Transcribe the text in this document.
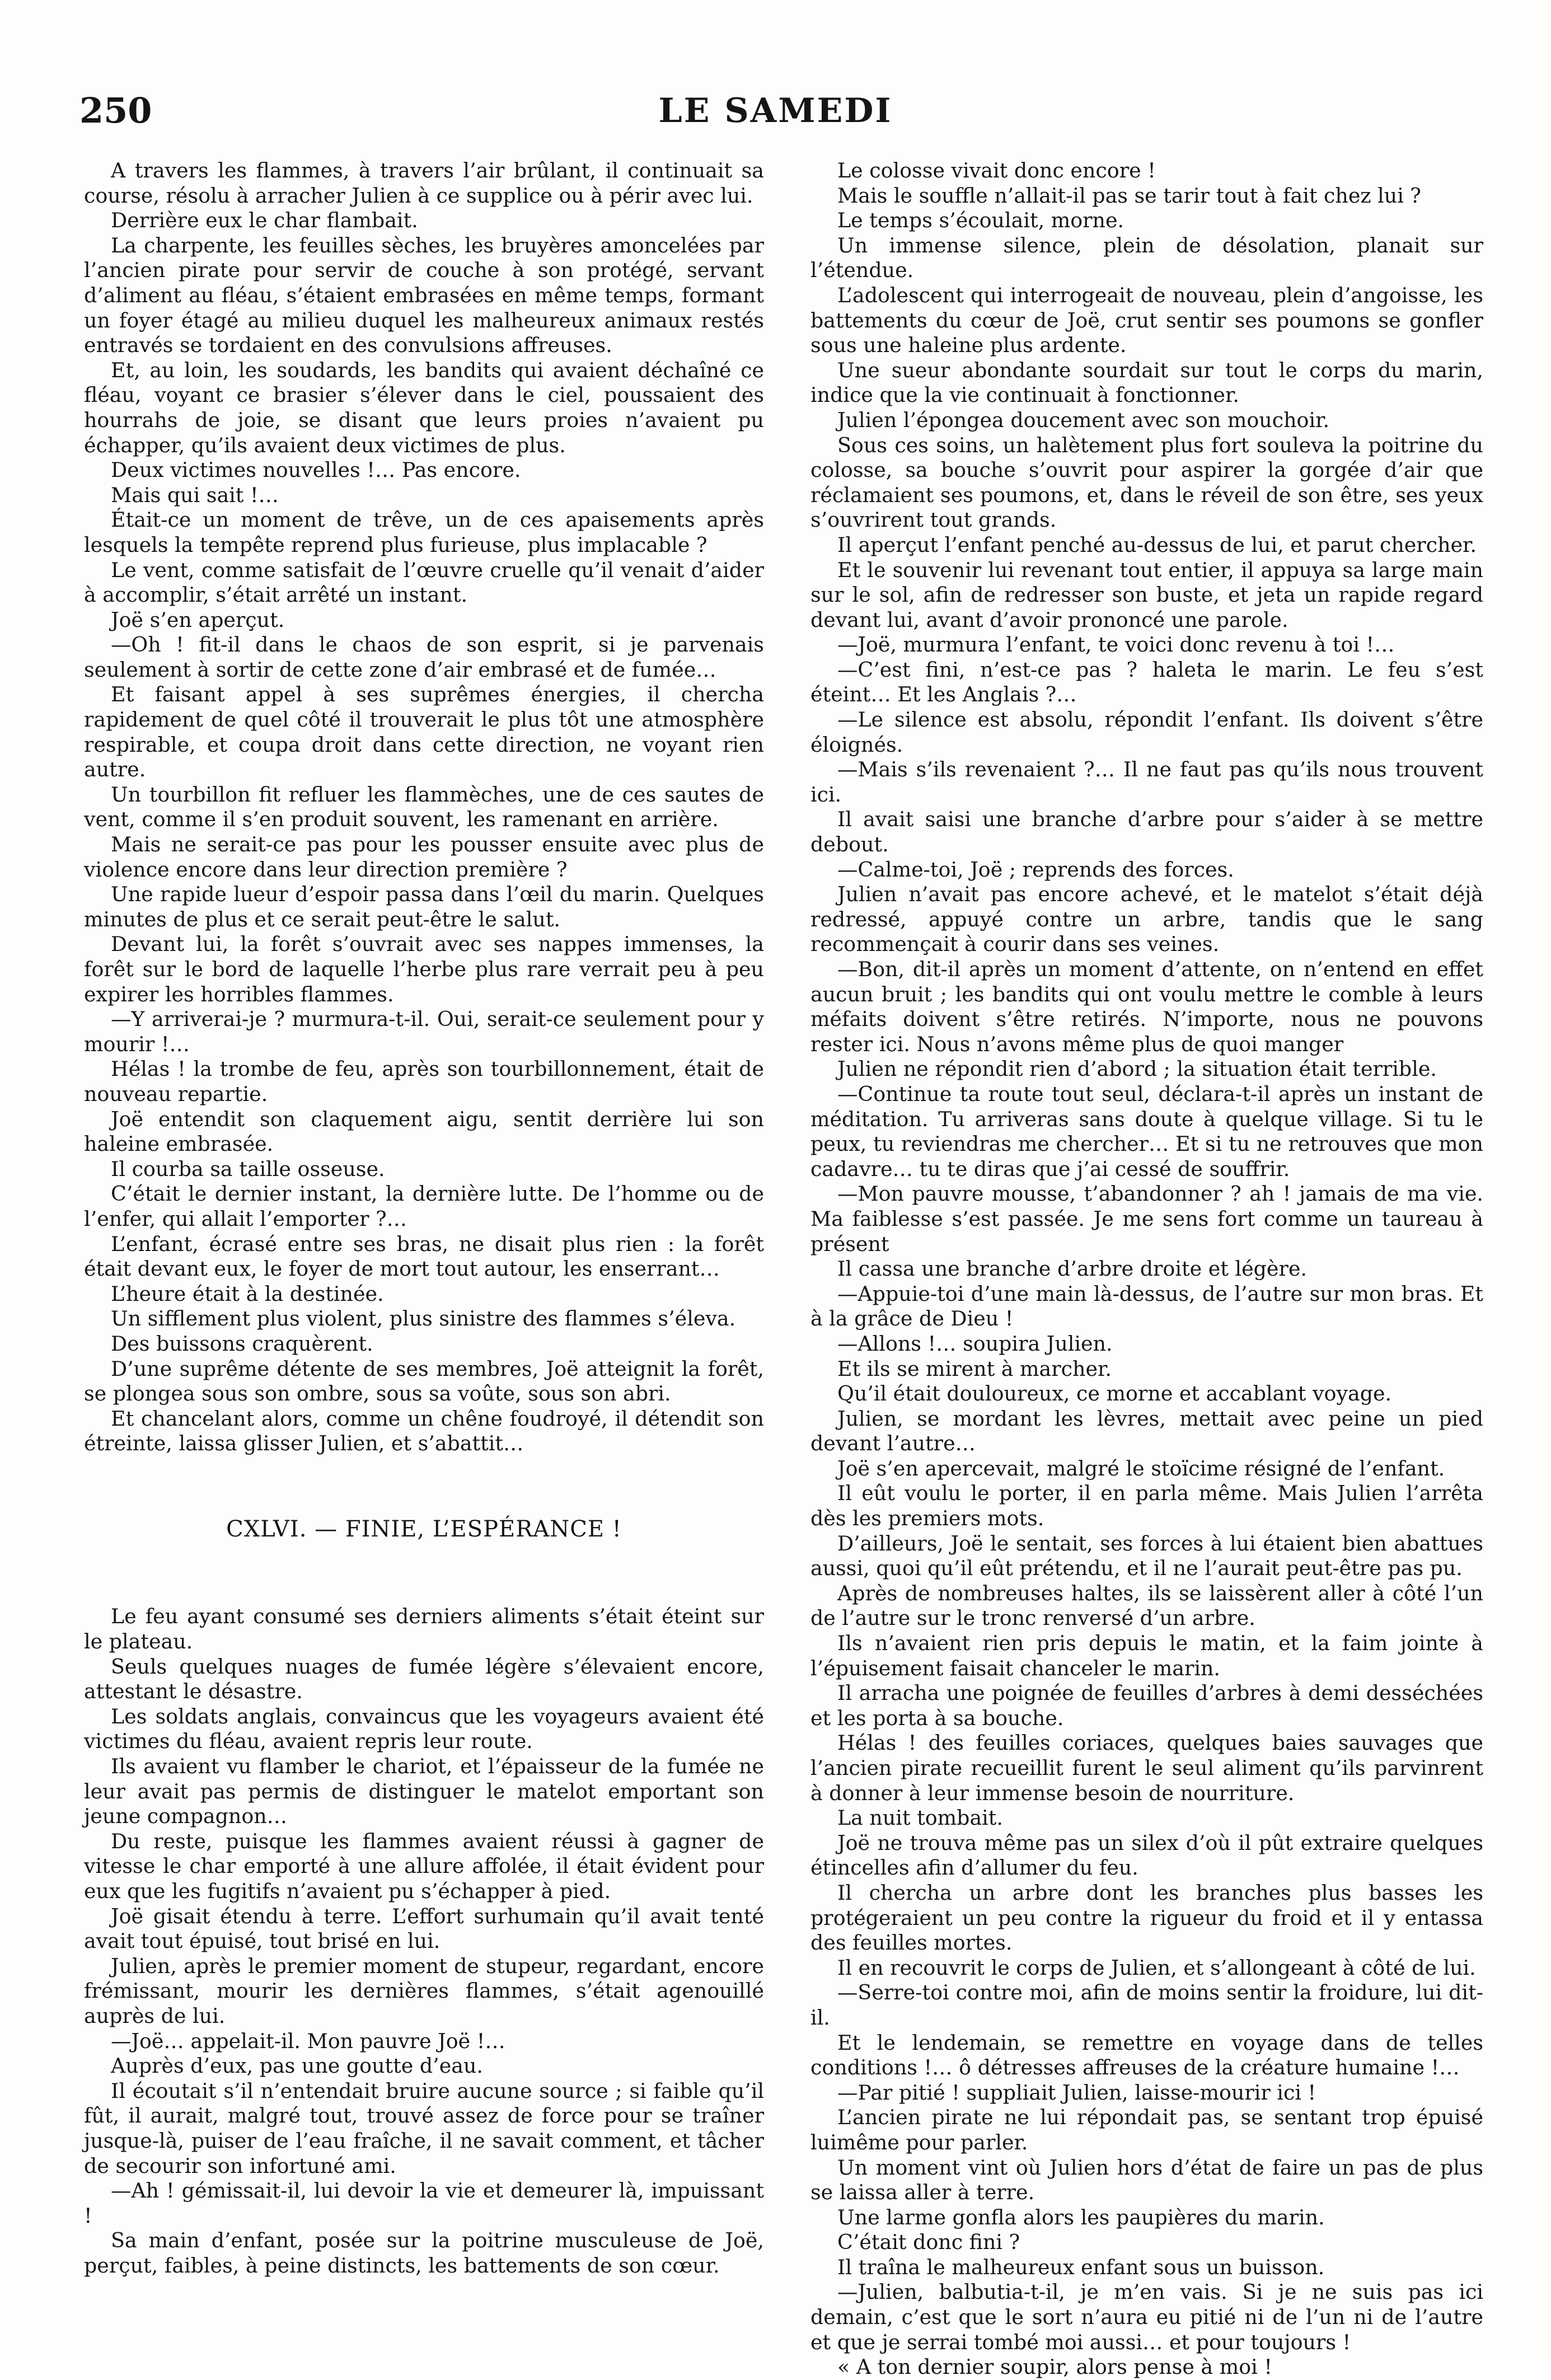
250	LE SAMEDI

A travers les flammes, à travers l’air brûlant, il continuait sa course, résolu à arracher Julien à ce supplice ou à périr avec lui.

Derrière eux le char flambait.

La charpente, les feuilles sèches, les bruyères amoncelées par l’ancien pirate pour servir de couche à son protégé, servant d’aliment au fléau, s’étaient embrasées en même temps, formant un foyer étagé au milieu duquel les malheureux animaux restés entravés se tordaient en des convulsions affreuses.

Et, au loin, les soudards, les bandits qui avaient déchaîné ce fléau, voyant ce brasier s’élever dans le ciel, poussaient des hourrahs de joie, se disant que leurs proies n’avaient pu échapper, qu’ils avaient deux victimes de plus.

Deux victimes nouvelles !… Pas encore.

Mais qui sait !…

Était-ce un moment de trêve, un de ces apaisements après lesquels la tempête reprend plus furieuse, plus implacable ?

Le vent, comme satisfait de l’œuvre cruelle qu’il venait d’aider à accomplir, s’était arrêté un instant.

Joë s’en aperçut.

—Oh ! fit-il dans le chaos de son esprit, si je parvenais seulement à sortir de cette zone d’air embrasé et de fumée…

Et faisant appel à ses suprêmes énergies, il chercha rapidement de quel côté il trouverait le plus tôt une atmosphère respirable, et coupa droit dans cette direction, ne voyant rien autre.

Un tourbillon fit refluer les flammèches, une de ces sautes de vent, comme il s’en produit souvent, les ramenant en arrière.

Mais ne serait-ce pas pour les pousser ensuite avec plus de violence encore dans leur direction première ?

Une rapide lueur d’espoir passa dans l’œil du marin. Quelques minutes de plus et ce serait peut-être le salut.

Devant lui, la forêt s’ouvrait avec ses nappes immenses, la forêt sur le bord de laquelle l’herbe plus rare verrait peu à peu expirer les horribles flammes.

—Y arriverai-je ? murmura-t-il. Oui, serait-ce seulement pour y mourir !…

Hélas ! la trombe de feu, après son tourbillonnement, était de nouveau repartie.

Joë entendit son claquement aigu, sentit derrière lui son haleine embrasée.

Il courba sa taille osseuse.

C’était le dernier instant, la dernière lutte. De l’homme ou de l’enfer, qui allait l’emporter ?…

L’enfant, écrasé entre ses bras, ne disait plus rien : la forêt était devant eux, le foyer de mort tout autour, les enserrant…

L’heure était à la destinée.

Un sifflement plus violent, plus sinistre des flammes s’éleva.

Des buissons craquèrent.

D’une suprême détente de ses membres, Joë atteignit la forêt, se plongea sous son ombre, sous sa voûte, sous son abri.

Et chancelant alors, comme un chêne foudroyé, il détendit son étreinte, laissa glisser Julien, et s’abattit…

CXLVI. — FINIE, L’ESPÉRANCE !

Le feu ayant consumé ses derniers aliments s’était éteint sur le plateau.

Seuls quelques nuages de fumée légère s’élevaient encore, attestant le désastre.

Les soldats anglais, convaincus que les voyageurs avaient été victimes du fléau, avaient repris leur route.

Ils avaient vu flamber le chariot, et l’épaisseur de la fumée ne leur avait pas permis de distinguer le matelot emportant son jeune compagnon…

Du reste, puisque les flammes avaient réussi à gagner de vitesse le char emporté à une allure affolée, il était évident pour eux que les fugitifs n’avaient pu s’échapper à pied.

Joë gisait étendu à terre. L’effort surhumain qu’il avait tenté avait tout épuisé, tout brisé en lui.

Julien, après le premier moment de stupeur, regardant, encore frémissant, mourir les dernières flammes, s’était agenouillé auprès de lui.

—Joë… appelait-il. Mon pauvre Joë !…

Auprès d’eux, pas une goutte d’eau.

Il écoutait s’il n’entendait bruire aucune source ; si faible qu’il fût, il aurait, malgré tout, trouvé assez de force pour se traîner jusque-là, puiser de l’eau fraîche, il ne savait comment, et tâcher de secourir son infortuné ami.

—Ah ! gémissait-il, lui devoir la vie et demeurer là, impuissant !

Sa main d’enfant, posée sur la poitrine musculeuse de Joë, perçut, faibles, à peine distincts, les battements de son cœur.

Le colosse vivait donc encore !

Mais le souffle n’allait-il pas se tarir tout à fait chez lui ?

Le temps s’écoulait, morne.

Un immense silence, plein de désolation, planait sur l’étendue.

L’adolescent qui interrogeait de nouveau, plein d’angoisse, les battements du cœur de Joë, crut sentir ses poumons se gonfler sous une haleine plus ardente.

Une sueur abondante sourdait sur tout le corps du marin, indice que la vie continuait à fonctionner.

Julien l’épongea doucement avec son mouchoir.

Sous ces soins, un halètement plus fort souleva la poitrine du colosse, sa bouche s’ouvrit pour aspirer la gorgée d’air que réclamaient ses poumons, et, dans le réveil de son être, ses yeux s’ouvrirent tout grands.

Il aperçut l’enfant penché au-dessus de lui, et parut chercher.

Et le souvenir lui revenant tout entier, il appuya sa large main sur le sol, afin de redresser son buste, et jeta un rapide regard devant lui, avant d’avoir prononcé une parole.

—Joë, murmura l’enfant, te voici donc revenu à toi !…

—C’est fini, n’est-ce pas ? haleta le marin. Le feu s’est éteint… Et les Anglais ?…

—Le silence est absolu, répondit l’enfant. Ils doivent s’être éloignés.

—Mais s’ils revenaient ?… Il ne faut pas qu’ils nous trouvent ici.

Il avait saisi une branche d’arbre pour s’aider à se mettre debout.

—Calme-toi, Joë ; reprends des forces.

Julien n’avait pas encore achevé, et le matelot s’était déjà redressé, appuyé contre un arbre, tandis que le sang recommençait à courir dans ses veines.

—Bon, dit-il après un moment d’attente, on n’entend en effet aucun bruit ; les bandits qui ont voulu mettre le comble à leurs méfaits doivent s’être retirés. N’importe, nous ne pouvons rester ici. Nous n’avons même plus de quoi manger

Julien ne répondit rien d’abord ; la situation était terrible.

—Continue ta route tout seul, déclara-t-il après un instant de méditation. Tu arriveras sans doute à quelque village. Si tu le peux, tu reviendras me chercher… Et si tu ne retrouves que mon cadavre… tu te diras que j’ai cessé de souffrir.

—Mon pauvre mousse, t’abandonner ? ah ! jamais de ma vie. Ma faiblesse s’est passée. Je me sens fort comme un taureau à présent

Il cassa une branche d’arbre droite et légère.

—Appuie-toi d’une main là-dessus, de l’autre sur mon bras. Et à la grâce de Dieu !

—Allons !… soupira Julien.

Et ils se mirent à marcher.

Qu’il était douloureux, ce morne et accablant voyage.

Julien, se mordant les lèvres, mettait avec peine un pied devant l’autre…

Joë s’en apercevait, malgré le stoïcime résigné de l’enfant.

Il eût voulu le porter, il en parla même. Mais Julien l’arrêta dès les premiers mots.

D’ailleurs, Joë le sentait, ses forces à lui étaient bien abattues aussi, quoi qu’il eût prétendu, et il ne l’aurait peut-être pas pu.

Après de nombreuses haltes, ils se laissèrent aller à côté l’un de l’autre sur le tronc renversé d’un arbre.

Ils n’avaient rien pris depuis le matin, et la faim jointe à l’épuisement faisait chanceler le marin.

Il arracha une poignée de feuilles d’arbres à demi desséchées et les porta à sa bouche.

Hélas ! des feuilles coriaces, quelques baies sauvages que l’ancien pirate recueillit furent le seul aliment qu’ils parvinrent à donner à leur immense besoin de nourriture.

La nuit tombait.

Joë ne trouva même pas un silex d’où il pût extraire quelques étincelles afin d’allumer du feu.

Il chercha un arbre dont les branches plus basses les protégeraient un peu contre la rigueur du froid et il y entassa des feuilles mortes.

Il en recouvrit le corps de Julien, et s’allongeant à côté de lui.

—Serre-toi contre moi, afin de moins sentir la froidure, lui dit-il.

Et le lendemain, se remettre en voyage dans de telles conditions !… ô détresses affreuses de la créature humaine !…

—Par pitié ! suppliait Julien, laisse-mourir ici !

L’ancien pirate ne lui répondait pas, se sentant trop épuisé luimême pour parler.

Un moment vint où Julien hors d’état de faire un pas de plus se laissa aller à terre.

Une larme gonfla alors les paupières du marin.

C’était donc fini ?

Il traîna le malheureux enfant sous un buisson.

—Julien, balbutia-t-il, je m’en vais. Si je ne suis pas ici demain, c’est que le sort n’aura eu pitié ni de l’un ni de l’autre et que je serrai tombé moi aussi… et pour toujours !

« A ton dernier soupir, alors pense à moi !
